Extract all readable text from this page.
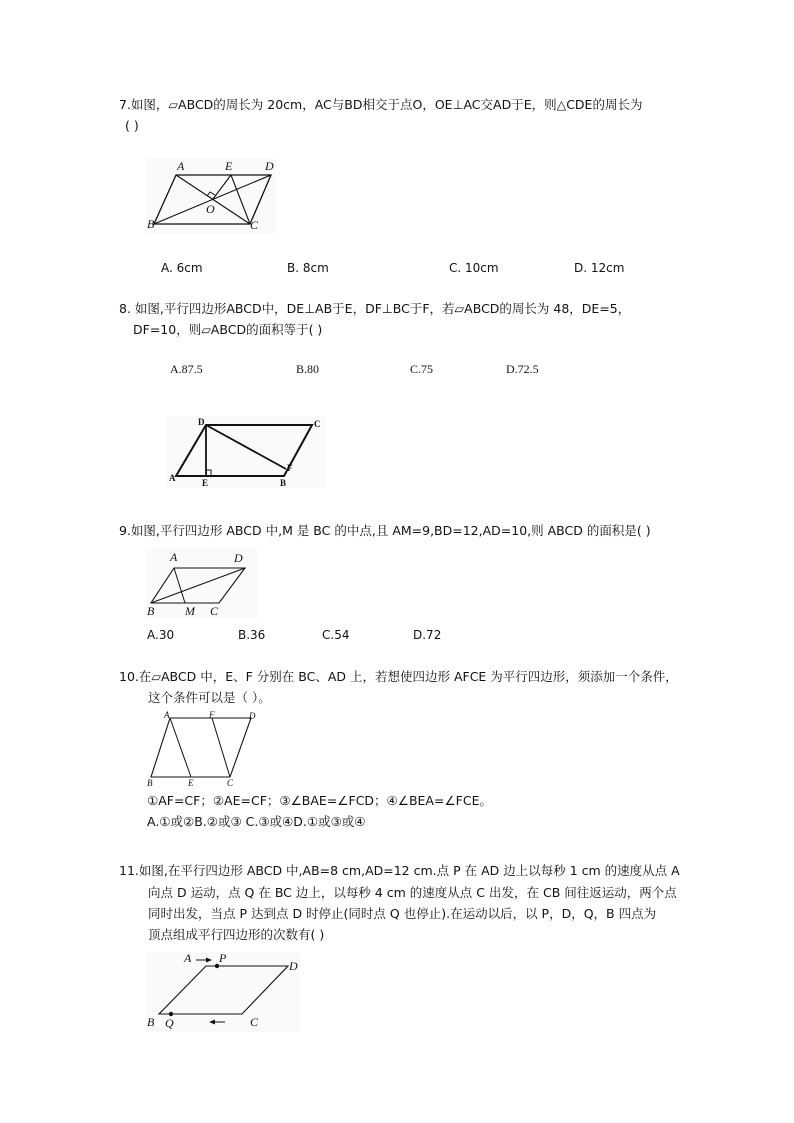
7.如图，▱ABCD的周长为 20cm，AC与BD相交于点O，OE⊥AC交AD于E，则△CDE的周长为
( )
A	E	D
O
B	C
A. 6cm	B. 8cm	C. 10cm	D. 12cm
8. 如图,平行四边形ABCD中，DE⊥AB于E，DF⊥BC于F，若▱ABCD的周长为 48，DE=5，
DF=10，则▱ABCD的面积等于( )
A.87.5	B.80	C.75	D.72.5
D	C
F
A	E	B
9.如图,平行四边形 ABCD 中,M 是 BC 的中点,且 AM=9,BD=12,AD=10,则 ABCD 的面积是( )
A	D
B	M C
A.30	B.36	C.54	D.72
10.在▱ABCD 中，E、F 分别在 BC、AD 上，若想使四边形 AFCE 为平行四边形，须添加一个条件，
这个条件可以是（ ）。
A	F	D
B	E	C
①AF=CF；②AE=CF；③∠BAE=∠FCD；④∠BEA=∠FCE。
A.①或②B.②或③ C.③或④D.①或③或④
11.如图,在平行四边形 ABCD 中,AB=8 cm,AD=12 cm.点 P 在 AD 边上以每秒 1 cm 的速度从点 A
向点 D 运动，点 Q 在 BC 边上，以每秒 4 cm 的速度从点 C 出发，在 CB 间往返运动，两个点
同时出发，当点 P 达到点 D 时停止(同时点 Q 也停止).在运动以后，以 P，D，Q，B 四点为
顶点组成平行四边形的次数有( )
A P
D
B Q	C
